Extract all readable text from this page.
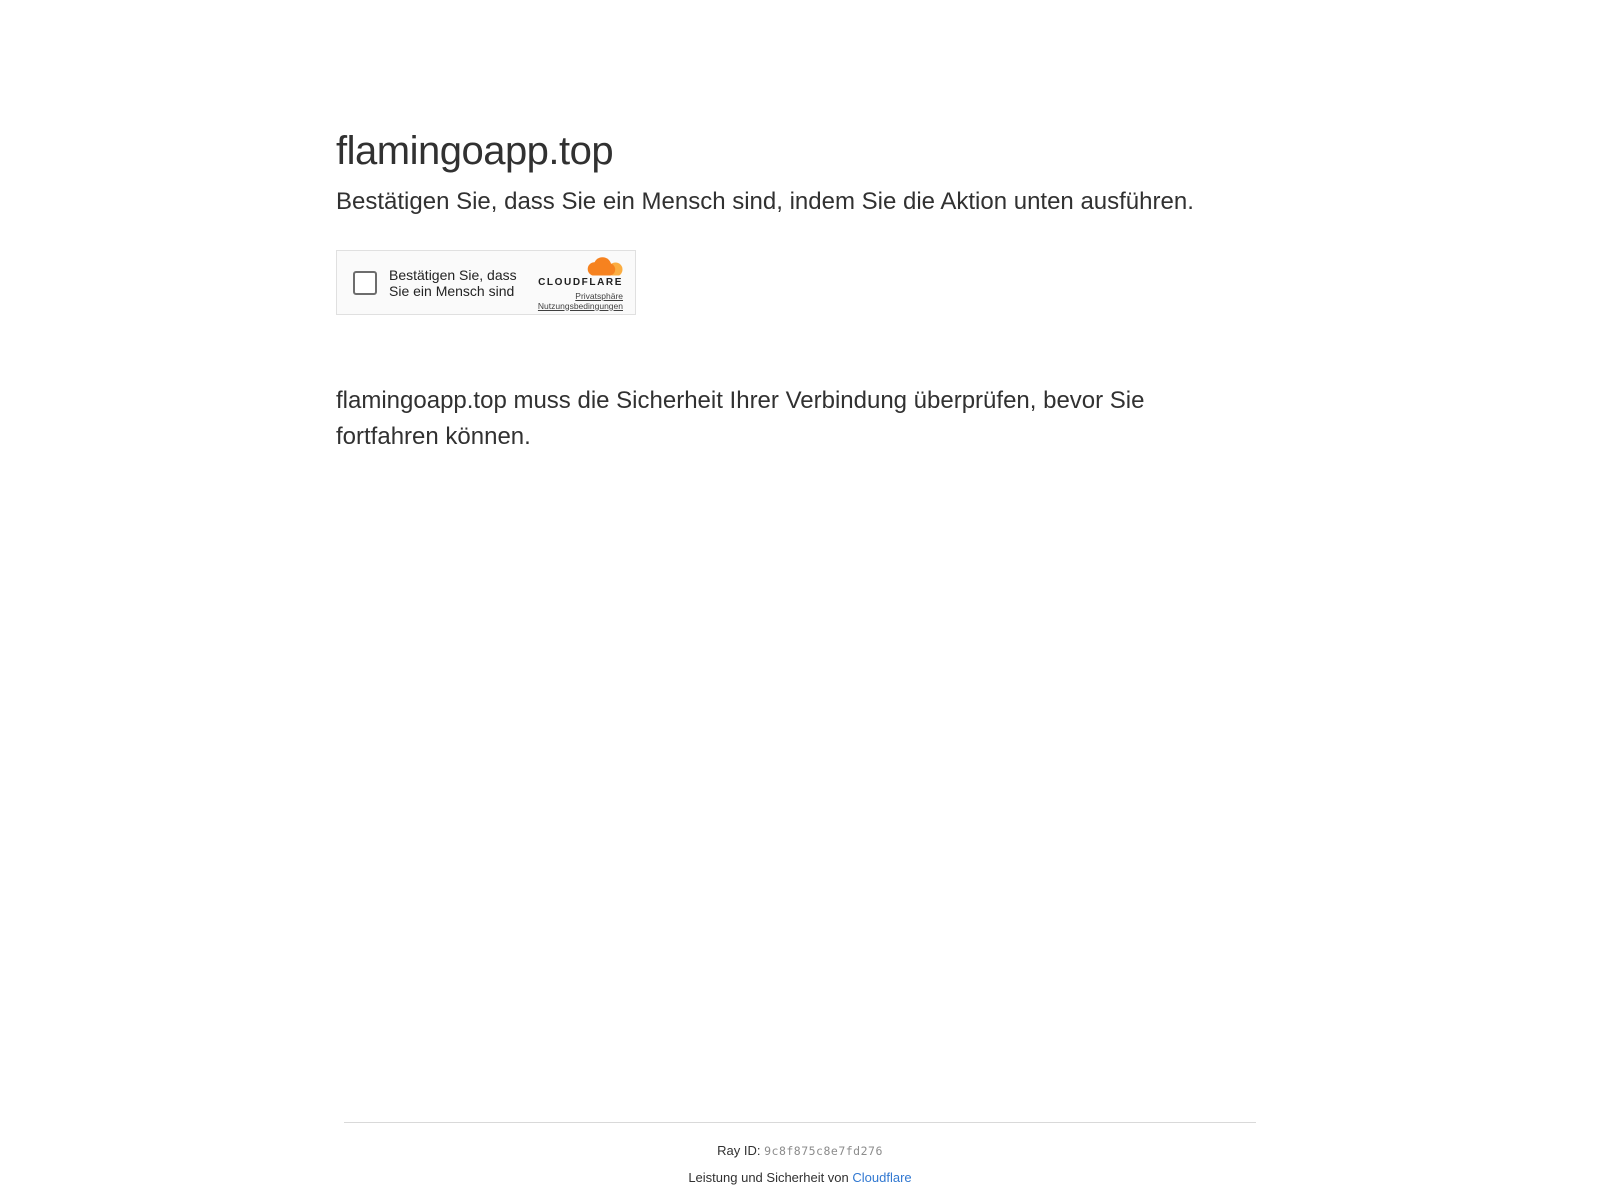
flamingoapp.top
Bestätigen Sie, dass Sie ein Mensch sind, indem Sie die Aktion unten ausführen.
Bestätigen Sie, dass
Sie ein Mensch sind
CLOUDFLARE
Privatsphäre
Nutzungsbedingungen

flamingoapp.top muss die Sicherheit Ihrer Verbindung überprüfen, bevor Sie
fortfahren können.

Ray ID: 9c8f875c8e7fd276
Leistung und Sicherheit von Cloudflare
